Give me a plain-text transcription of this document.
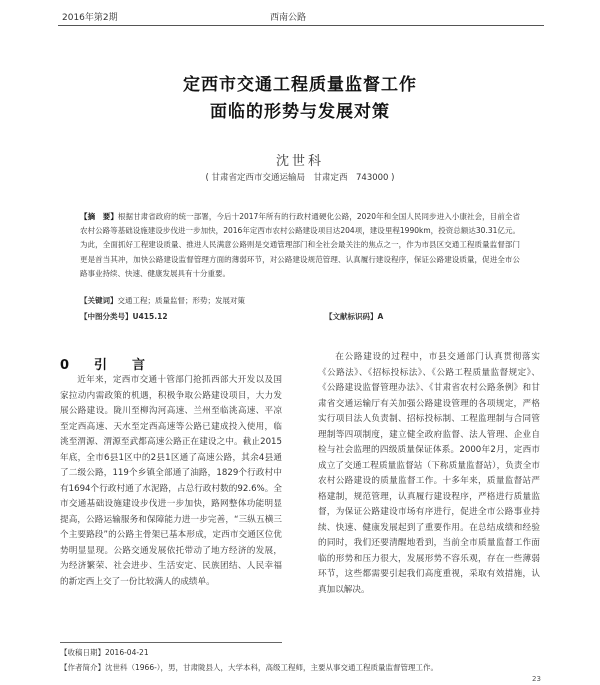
2016年第2期	西南公路
定西市交通工程质量监督工作
面临的形势与发展对策
沈世科
( 甘肃省定西市交通运输局　甘肃定西　743000 )
【摘　要】根据甘肃省政府的统一部署，今后十2017年所有的行政村通硬化公路，2020年和全国人民同步进入小康社会，目前全省农村公路等基础设施建设步伐进一步加快，2016年定西市农村公路建设项目达204项，建设里程1990km，投资总额达30.31亿元。为此，全面抓好工程建设质量、推进人民满意公路则是交通管理部门和全社会最关注的焦点之一，作为市县区交通工程质量监督部门更是首当其冲，加快公路建设监督管理方面的薄弱环节，对公路建设规范管理、认真履行建设程序，保证公路建设质量，促进全市公路事业持续、快速、健康发展具有十分重要。
【关键词】交通工程；质量监督；形势；发展对策
【中图分类号】U415.12	【文献标识码】A
0　引　言
近年来，定西市交通十管部门抢抓西部大开发以及国家拉动内需政策的机遇，积极争取公路建设项目，大力发展公路建设。陇川至柳沟河高速、兰州至临洮高速、平凉至定西高速、天水至定西高速等公路已建成投入使用，临洮至渭源、渭源至武都高速公路正在建设之中。截止2015年底，全市6县1区中的2县1区通了高速公路，其余4县通了二级公路，119个乡镇全部通了油路，1829个行政村中有1694个行政村通了水泥路，占总行政村数的92.6%。全市交通基础设施建设步伐进一步加快，路网整体功能明显提高，公路运输服务和保障能力进一步完善，“三纵五横三个主要路段”的公路主骨架已基本形成，定西市交通区位优势明显显现。公路交通发展依托带动了地方经济的发展，为经济繁荣、社会进步、生活安定、民族团结、人民幸福的新定西上交了一份比较满人的成绩单。
在公路建设的过程中，市县交通部门认真贯彻落实《公路法》、《招标投标法》、《公路工程质量监督规定》、《公路建设监督管理办法》、《甘肃省农村公路条例》和甘肃省交通运输厅有关加强公路建设管理的各项规定，严格实行项目法人负责制、招标投标制、工程监理制与合同管理制等四项制度，建立健全政府监督、法人管理、企业自检与社会监理的四级质量保证体系。2000年2月，定西市成立了交通工程质量监督站（下称质量监督站），负责全市农村公路建设的质量监督工作。十多年来，质量监督站严格建制，规范管理，认真履行建设程序，严格进行质量监督，为保证公路建设市场有序进行，促进全市公路事业持续、快速、健康发展起到了重要作用。在总结成绩和经验的同时，我们还要清醒地看到，当前全市质量监督工作面临的形势和压力很大，发展形势不容乐观，存在一些薄弱环节，这些都需要引起我们高度重视，采取有效措施，认真加以解决。
【收稿日期】2016-04-21
【作者简介】沈世科（1966-），男，甘肃陇县人，大学本科，高级工程师，主要从事交通工程质量监督管理工作。
23
